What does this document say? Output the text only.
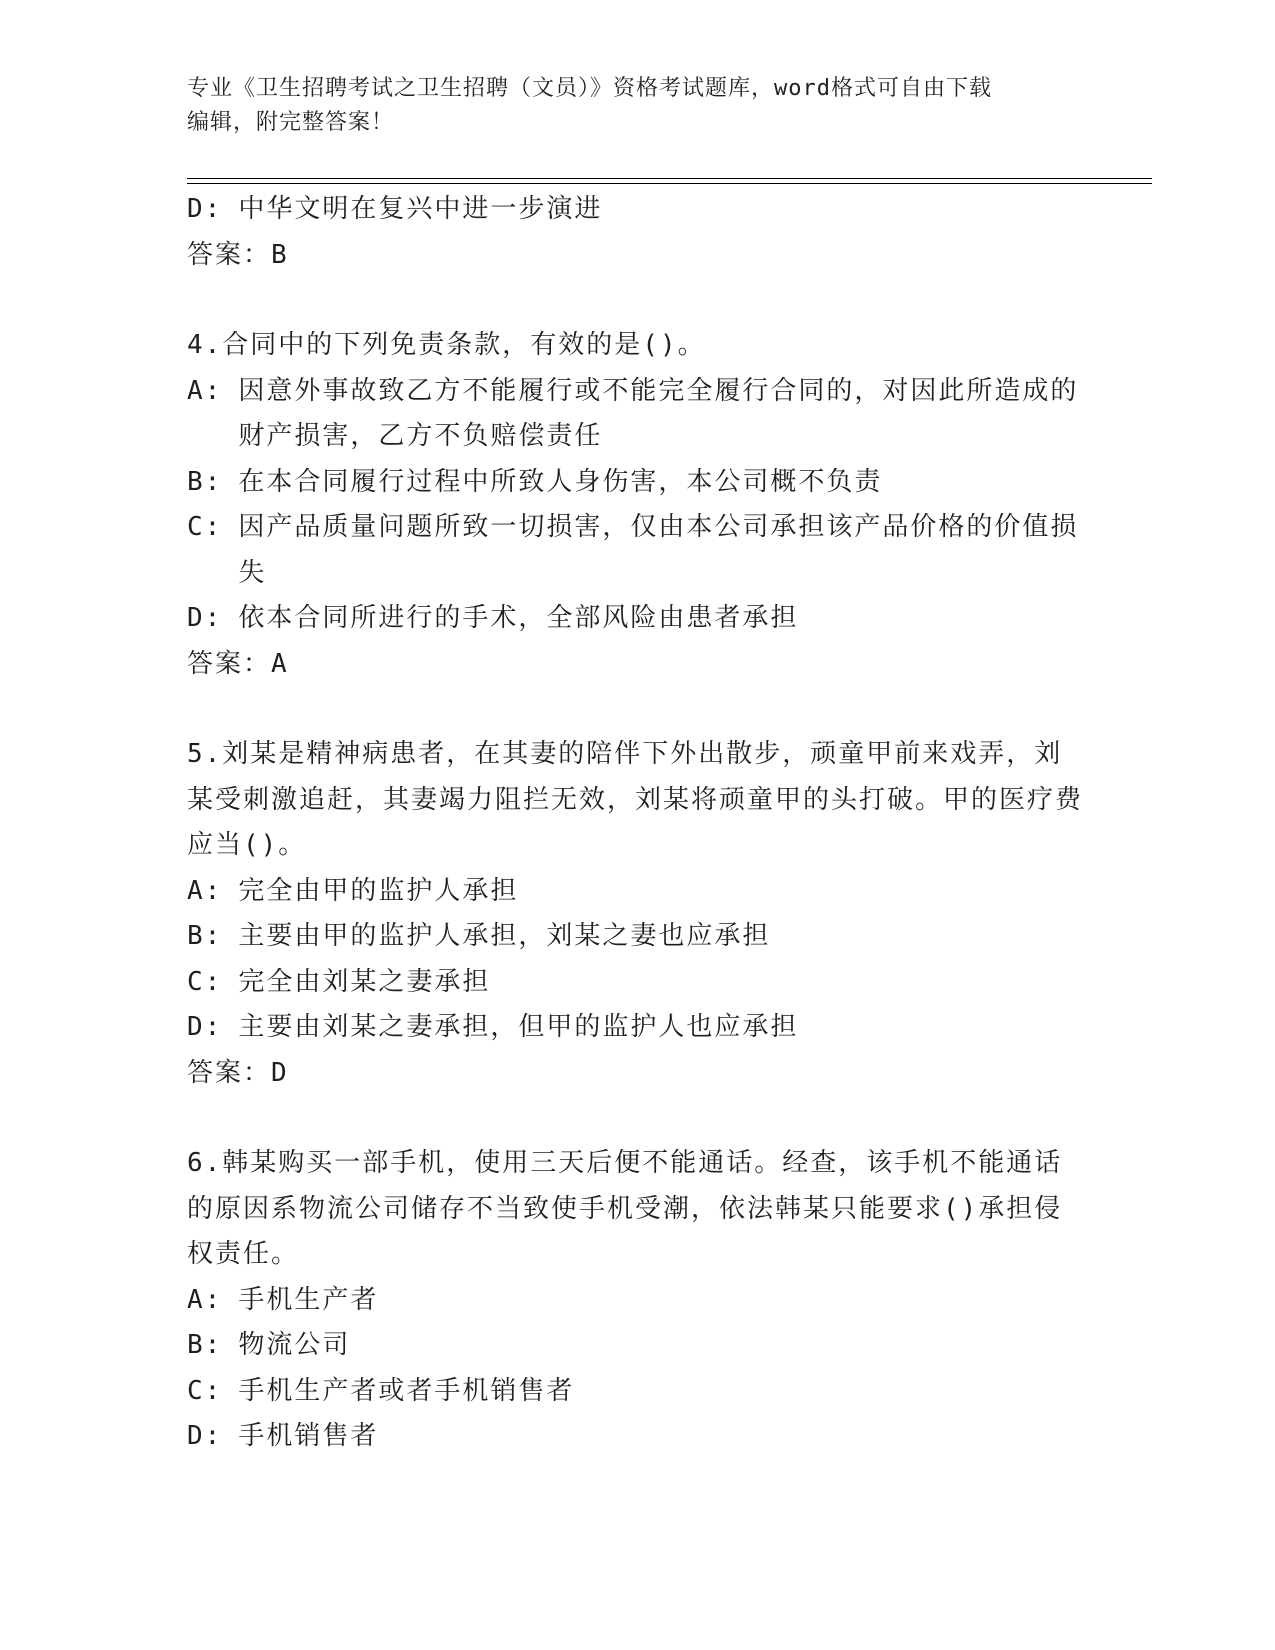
专业《卫生招聘考试之卫生招聘（文员）》资格考试题库，word格式可自由下载
编辑，附完整答案！
D: 中华文明在复兴中进一步演进
答案：B
4.合同中的下列免责条款，有效的是()。
A: 因意外事故致乙方不能履行或不能完全履行合同的，对因此所造成的财产损害，乙方不负赔偿责任
B: 在本合同履行过程中所致人身伤害，本公司概不负责
C: 因产品质量问题所致一切损害，仅由本公司承担该产品价格的价值损失
D: 依本合同所进行的手术，全部风险由患者承担
答案：A
5.刘某是精神病患者，在其妻的陪伴下外出散步，顽童甲前来戏弄，刘某受刺激追赶，其妻竭力阻拦无效，刘某将顽童甲的头打破。甲的医疗费应当()。
A: 完全由甲的监护人承担
B: 主要由甲的监护人承担，刘某之妻也应承担
C: 完全由刘某之妻承担
D: 主要由刘某之妻承担，但甲的监护人也应承担
答案：D
6.韩某购买一部手机，使用三天后便不能通话。经查，该手机不能通话的原因系物流公司储存不当致使手机受潮，依法韩某只能要求()承担侵权责任。
A: 手机生产者
B: 物流公司
C: 手机生产者或者手机销售者
D: 手机销售者
